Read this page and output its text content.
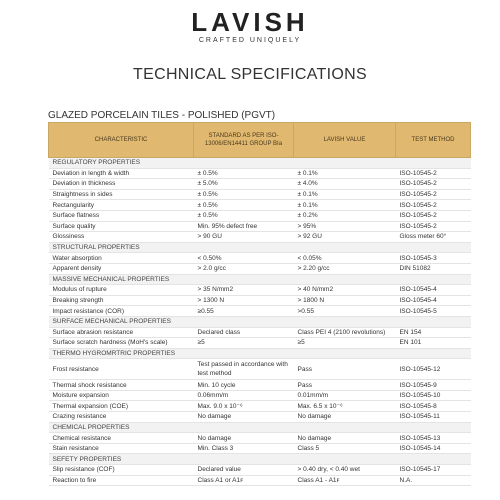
LAVISH
CRAFTED UNIQUELY
TECHNICAL SPECIFICATIONS
GLAZED PORCELAIN TILES - POLISHED (PGVT)
CHARACTERISTIC	STANDARD AS PER ISO-13006/EN14411 GROUP BIa	LAVISH VALUE	TEST METHOD
REGULATORY PROPERTIES			
Deviation in length & width	± 0.5%	± 0.1%	ISO-10545-2
Deviation in thickness	± 5.0%	± 4.0%	ISO-10545-2
Straightness in sides	± 0.5%	± 0.1%	ISO-10545-2
Rectangularity	± 0.5%	± 0.1%	ISO-10545-2
Surface flatness	± 0.5%	± 0.2%	ISO-10545-2
Surface quality	Min. 95% defect free	> 95%	ISO-10545-2
Glossiness	> 90 GU	> 92 GU	Gloss meter 60°
STRUCTURAL PROPERTIES			
Water absorption	< 0.50%	< 0.05%	ISO-10545-3
Apparent density	> 2.0 g/cc	> 2.20 g/cc	DIN 51082
MASSIVE MECHANICAL PROPERTIES			
Modulus of rupture	> 35 N/mm2	> 40 N/mm2	ISO-10545-4
Breaking strength	> 1300 N	> 1800 N	ISO-10545-4
Impact resistance (COR)	≥0.55	>0.55	ISO-10545-5
SURFACE MECHANICAL PROPERTIES			
Surface abrasion resistance	Declared class	Class PEI 4 (2100 revolutions)	EN 154
Surface scratch hardness (MoH's scale)	≥5	≥5	EN 101
THERMO HYGROMRTRIC PROPERTIES			
Frost resistance	Test passed in accordance with test method	Pass	ISO-10545-12
Thermal shock resistance	Min. 10 cycle	Pass	ISO-10545-9
Moisture expansion	0.06mm/m	0.01mm/m	ISO-10545-10
Thermal expansion (COE)	Max. 9.0 x 10⁻⁶	Max. 6.5 x 10⁻⁶	ISO-10545-8
Crazing resistance	No damage	No damage	ISO-10545-11
CHEMICAL PROPERTIES			
Chemical resistance	No damage	No damage	ISO-10545-13
Stain resistance	Min. Class 3	Class 5	ISO-10545-14
SEFETY PROPERTIES			
Slip resistance (COF)	Declared value	> 0.40 dry, < 0.40 wet	ISO-10545-17
Reaction to fire	Class A1 or A1ꜰ	Class A1 - A1ꜰ	N.A.
